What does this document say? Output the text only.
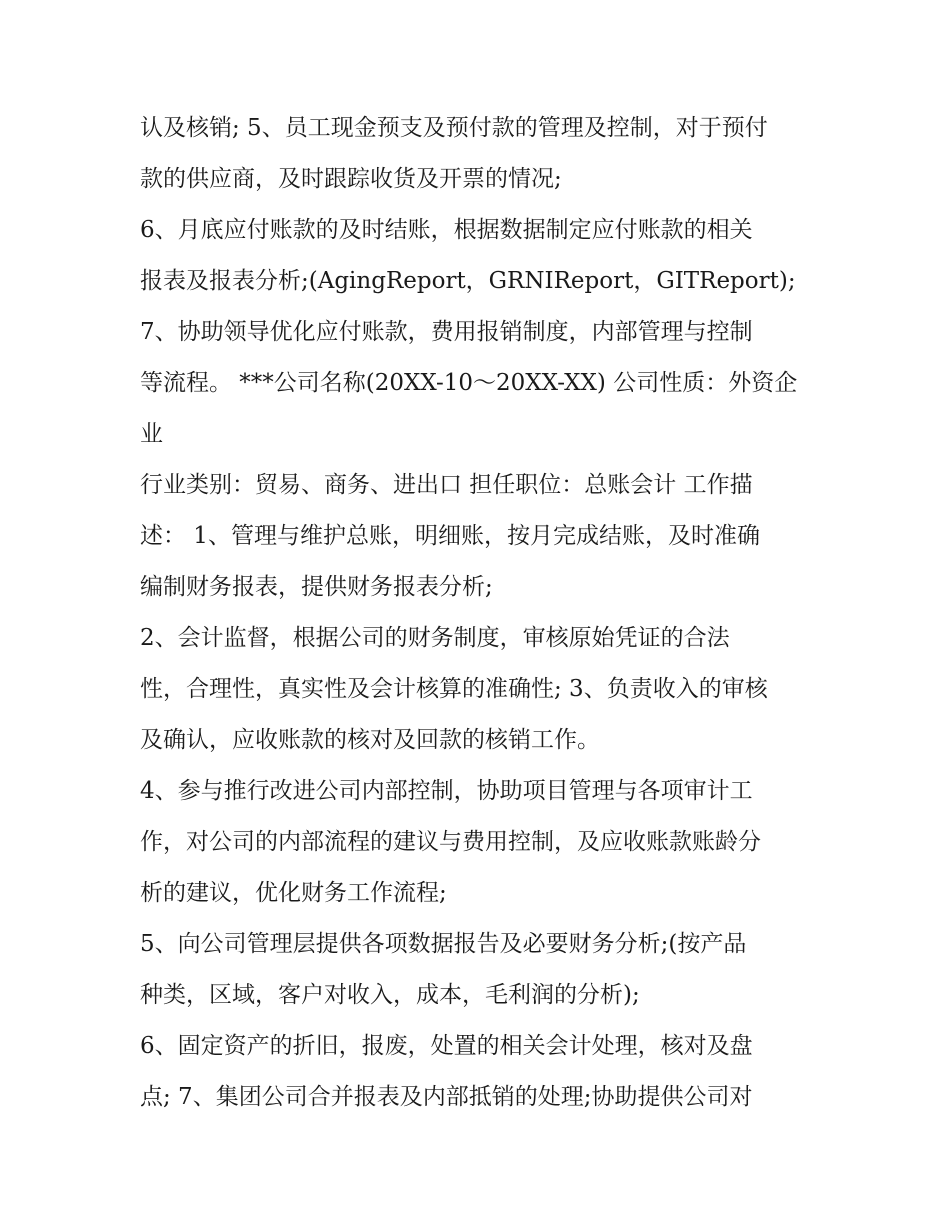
认及核销; 5、员工现金预支及预付款的管理及控制，对于预付
款的供应商，及时跟踪收货及开票的情况;
6、月底应付账款的及时结账，根据数据制定应付账款的相关
报表及报表分析;(AgingReport，GRNIReport，GITReport);
7、协助领导优化应付账款，费用报销制度，内部管理与控制
等流程。 ***公司名称(20XX-10～20XX-XX) 公司性质：外资企
业
行业类别：贸易、商务、进出口 担任职位：总账会计 工作描
述： 1、管理与维护总账，明细账，按月完成结账，及时准确
编制财务报表，提供财务报表分析;
2、会计监督，根据公司的财务制度，审核原始凭证的合法
性，合理性，真实性及会计核算的准确性; 3、负责收入的审核
及确认，应收账款的核对及回款的核销工作。
4、参与推行改进公司内部控制，协助项目管理与各项审计工
作，对公司的内部流程的建议与费用控制，及应收账款账龄分
析的建议，优化财务工作流程;
5、向公司管理层提供各项数据报告及必要财务分析;(按产品
种类，区域，客户对收入，成本，毛利润的分析);
6、固定资产的折旧，报废，处置的相关会计处理，核对及盘
点; 7、集团公司合并报表及内部抵销的处理;协助提供公司对
